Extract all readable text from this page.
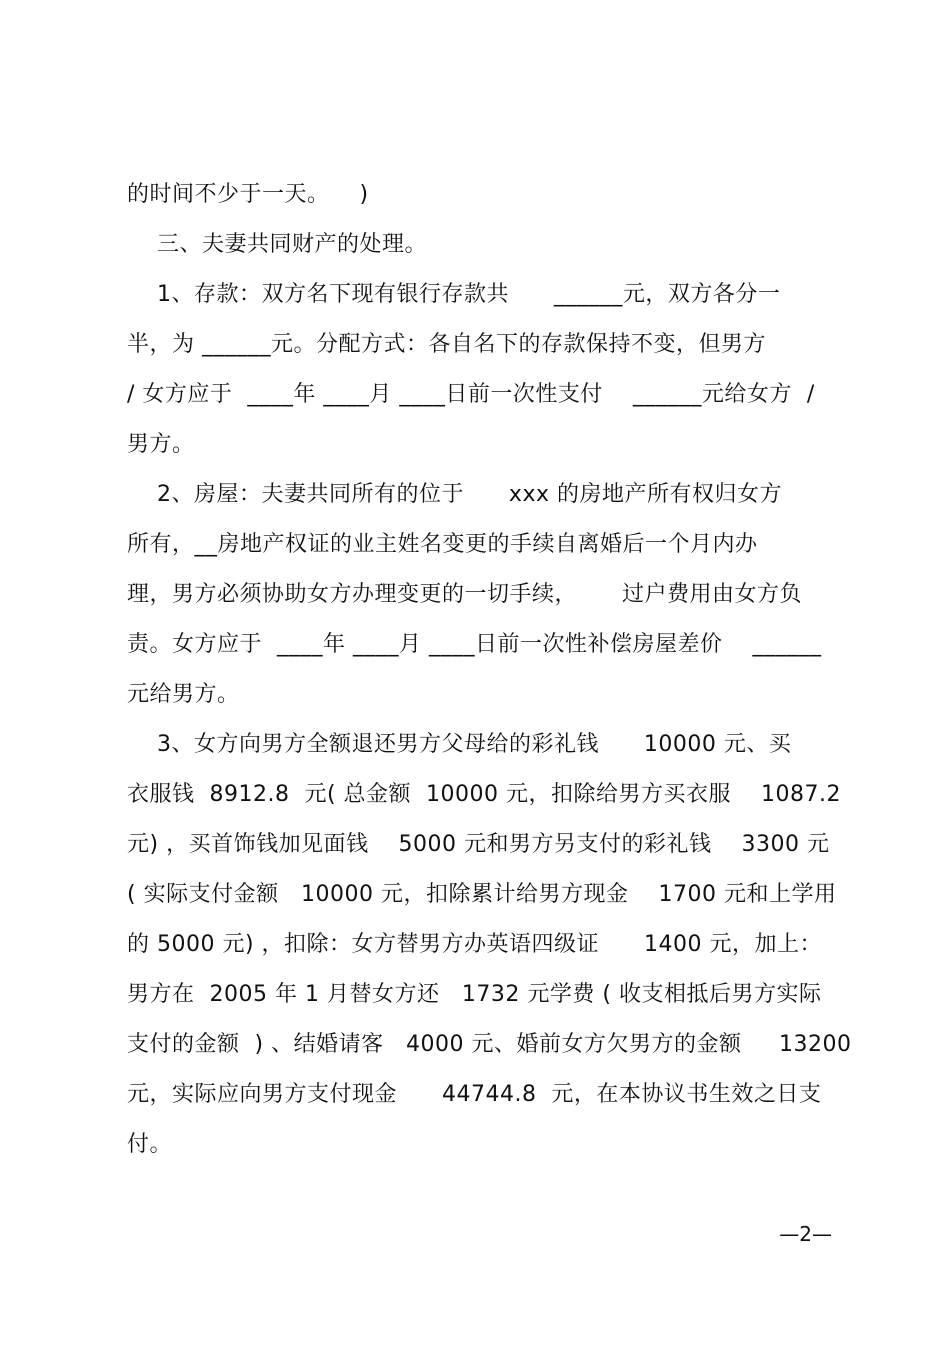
的时间不少于一天。    )
三、夫妻共同财产的处理。
1、存款：双方名下现有银行存款共      ______元，双方各分一
半，为 ______元。分配方式：各自名下的存款保持不变，但男方
/ 女方应于  ____年 ____月 ____日前一次性支付    ______元给女方  /
男方。
2、房屋：夫妻共同所有的位于      xxx 的房地产所有权归女方
所有，__房地产权证的业主姓名变更的手续自离婚后一个月内办
理，男方必须协助女方办理变更的一切手续，      过户费用由女方负
责。女方应于  ____年 ____月 ____日前一次性补偿房屋差价    ______
元给男方。
3、女方向男方全额退还男方父母给的彩礼钱      10000 元、买
衣服钱  8912.8  元( 总金额  10000 元，扣除给男方买衣服    1087.2
元) ，买首饰钱加见面钱    5000 元和男方另支付的彩礼钱    3300 元
( 实际支付金额   10000 元，扣除累计给男方现金    1700 元和上学用
的 5000 元) ，扣除：女方替男方办英语四级证      1400 元，加上：
男方在  2005 年 1 月替女方还   1732 元学费 ( 收支相抵后男方实际
支付的金额  ) 、结婚请客   4000 元、婚前女方欠男方的金额     13200
元，实际应向男方支付现金      44744.8  元，在本协议书生效之日支
付。
—2—
